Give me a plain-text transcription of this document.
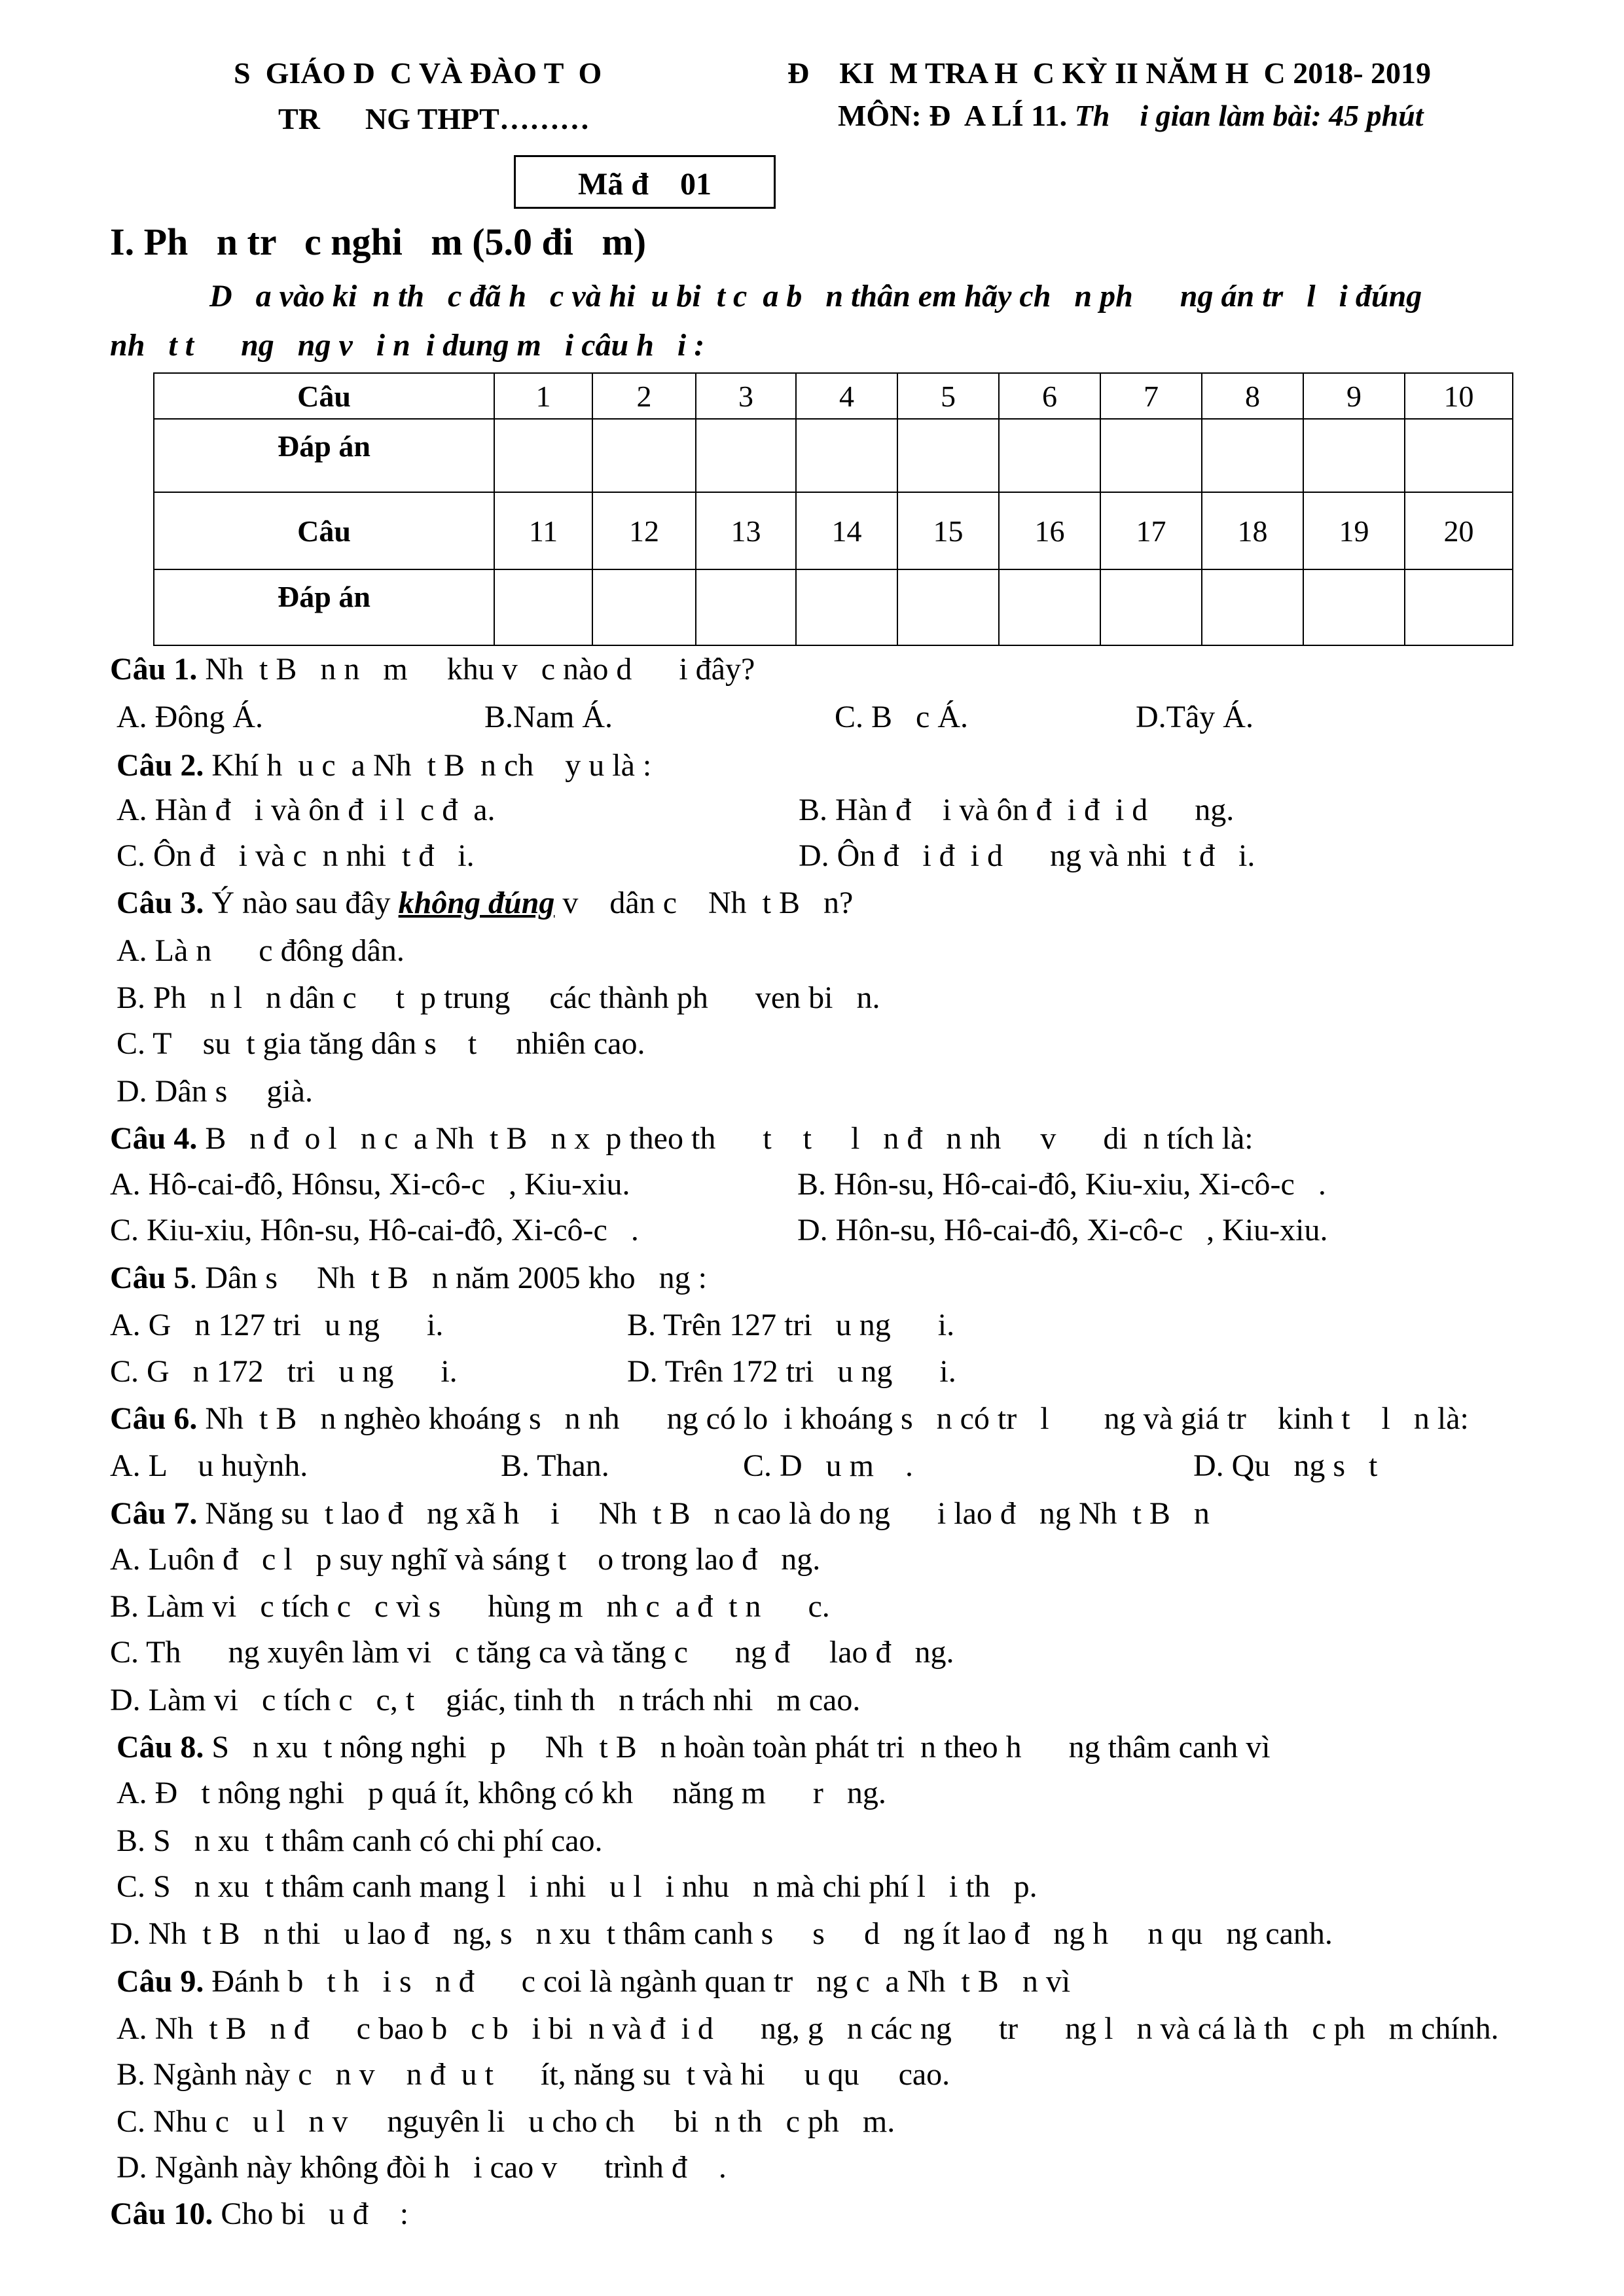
S  GIÁO D  C VÀ ĐÀO T  O
TR      NG THPT………
Đ    KI  M TRA H  C KỲ II NĂM H  C 2018- 2019
MÔN: Đ  A LÍ 11. Th    i gian làm bài: 45 phút
Mã đ    01
I. Ph   n tr   c nghi   m (5.0 đi   m)
D   a vào ki  n th   c đã h   c và hi  u bi  t c  a b   n thân em hãy ch   n ph      ng án tr   l   i đúng
nh   t t      ng   ng v   i n  i dung m   i câu h   i :
Câu	1	2	3	4	5	6	7	8	9	10
Đáp án										
Câu	11	12	13	14	15	16	17	18	19	20
Đáp án										
Câu 1. Nh  t B   n n   m     khu v   c nào d      i đây?
A. Đông Á.	B.Nam Á.	C. B   c Á.	D.Tây Á.
Câu 2. Khí h  u c  a Nh  t B  n ch    y u là :
A. Hàn đ   i và ôn đ  i l  c đ  a.	B. Hàn đ    i và ôn đ  i đ  i d      ng.
C. Ôn đ   i và c  n nhi  t đ   i.	D. Ôn đ   i đ  i d      ng và nhi  t đ   i.
Câu 3. Ý nào sau đây không đúng v    dân c    Nh  t B   n?
A. Là n      c đông dân.
B. Ph   n l   n dân c     t  p trung     các thành ph      ven bi   n.
C. T    su  t gia tăng dân s    t     nhiên cao.
D. Dân s     già.
Câu 4. B   n đ  o l   n c  a Nh  t B   n x  p theo th      t    t     l   n đ   n nh     v      di  n tích là:
A. Hô-cai-đô, Hônsu, Xi-cô-c   , Kiu-xiu.	B. Hôn-su, Hô-cai-đô, Kiu-xiu, Xi-cô-c   .
C. Kiu-xiu, Hôn-su, Hô-cai-đô, Xi-cô-c   .	D. Hôn-su, Hô-cai-đô, Xi-cô-c   , Kiu-xiu.
Câu 5. Dân s     Nh  t B   n năm 2005 kho   ng :
A. G   n 127 tri   u ng      i.	B. Trên 127 tri   u ng      i.
C. G   n 172   tri   u ng      i.	D. Trên 172 tri   u ng      i.
Câu 6. Nh  t B   n nghèo khoáng s   n nh      ng có lo  i khoáng s   n có tr   l       ng và giá tr    kinh t    l   n là:
A. L    u huỳnh.	B. Than.	C. D   u m    .	D. Qu   ng s   t
Câu 7. Năng su  t lao đ   ng xã h    i     Nh  t B   n cao là do ng      i lao đ   ng Nh  t B   n
A. Luôn đ   c l   p suy nghĩ và sáng t    o trong lao đ   ng.
B. Làm vi   c tích c   c vì s      hùng m   nh c  a đ  t n      c.
C. Th      ng xuyên làm vi   c tăng ca và tăng c      ng đ     lao đ   ng.
D. Làm vi   c tích c   c, t    giác, tinh th   n trách nhi   m cao.
Câu 8. S   n xu  t nông nghi   p     Nh  t B   n hoàn toàn phát tri  n theo h      ng thâm canh vì
A. Đ   t nông nghi   p quá ít, không có kh     năng m      r   ng.
B. S   n xu  t thâm canh có chi phí cao.
C. S   n xu  t thâm canh mang l   i nhi   u l   i nhu   n mà chi phí l   i th   p.
D. Nh  t B   n thi   u lao đ   ng, s   n xu  t thâm canh s     s     d   ng ít lao đ   ng h     n qu   ng canh.
Câu 9. Đánh b   t h   i s   n đ      c coi là ngành quan tr   ng c  a Nh  t B   n vì
A. Nh  t B   n đ      c bao b   c b   i bi  n và đ  i d      ng, g   n các ng      tr      ng l   n và cá là th   c ph   m chính.
B. Ngành này c   n v    n đ  u t      ít, năng su  t và hi     u qu     cao.
C. Nhu c   u l   n v     nguyên li   u cho ch     bi  n th   c ph   m.
D. Ngành này không đòi h   i cao v      trình đ    .
Câu 10. Cho bi   u đ    :
